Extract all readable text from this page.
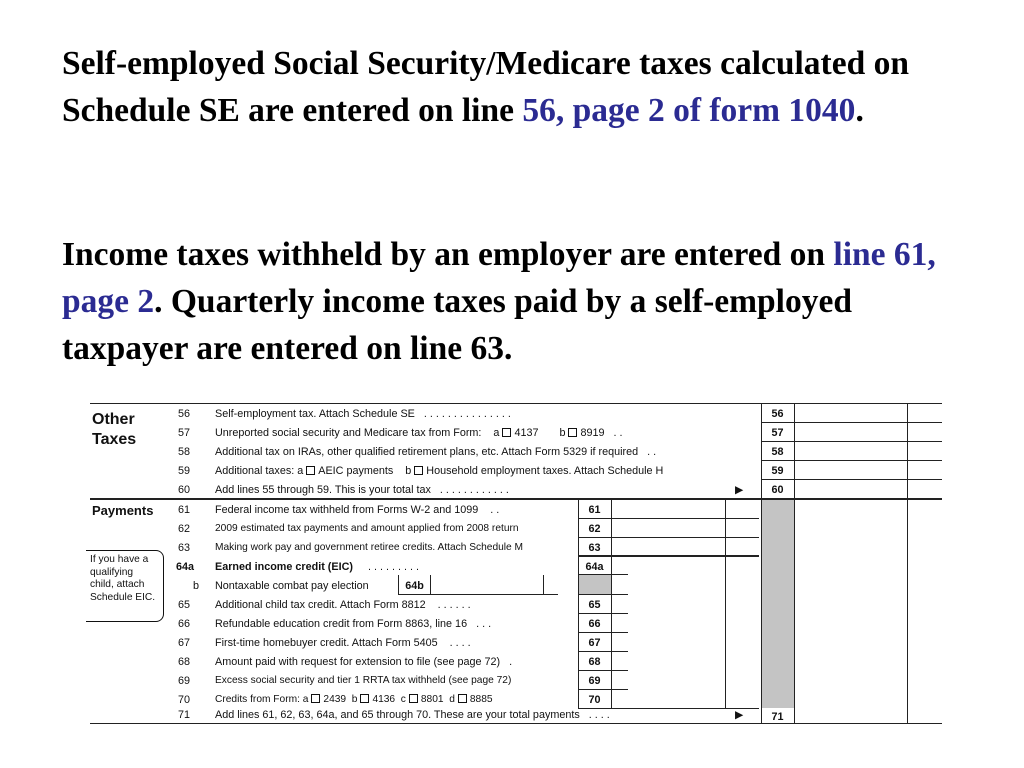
Self-employed Social Security/Medicare taxes calculated on Schedule SE are entered on line 56, page 2 of form 1040.

Income taxes withheld by an employer are entered on line 61, page 2. Quarterly income taxes paid by a self-employed taxpayer are entered on line 63.

Other
Taxes
Payments
If you have a
qualifying
child, attach
Schedule EIC.
56 Self-employment tax. Attach Schedule SE . . . . . . . . . . . . . . .	56
57 Unreported social security and Medicare tax from Form: a 4137 b 8919 . .	57
58 Additional tax on IRAs, other qualified retirement plans, etc. Attach Form 5329 if required . .	58
59 Additional taxes: a AEIC payments b Household employment taxes. Attach Schedule H	59
60 Add lines 55 through 59. This is your total tax . . . . . . . . . . . .	▶	60
61 Federal income tax withheld from Forms W-2 and 1099 . .	61
62 2009 estimated tax payments and amount applied from 2008 return	62
63 Making work pay and government retiree credits. Attach Schedule M	63
64a Earned income credit (EIC) . . . . . . . . .	64a
b Nontaxable combat pay election	64b
65 Additional child tax credit. Attach Form 8812 . . . . . .	65
66 Refundable education credit from Form 8863, line 16 . . .	66
67 First-time homebuyer credit. Attach Form 5405 . . . .	67
68 Amount paid with request for extension to file (see page 72) .	68
69 Excess social security and tier 1 RRTA tax withheld (see page 72)	69
70 Credits from Form: a 2439 b 4136 c 8801 d 8885	70
71 Add lines 61, 62, 63, 64a, and 65 through 70. These are your total payments . . . .	▶	71
